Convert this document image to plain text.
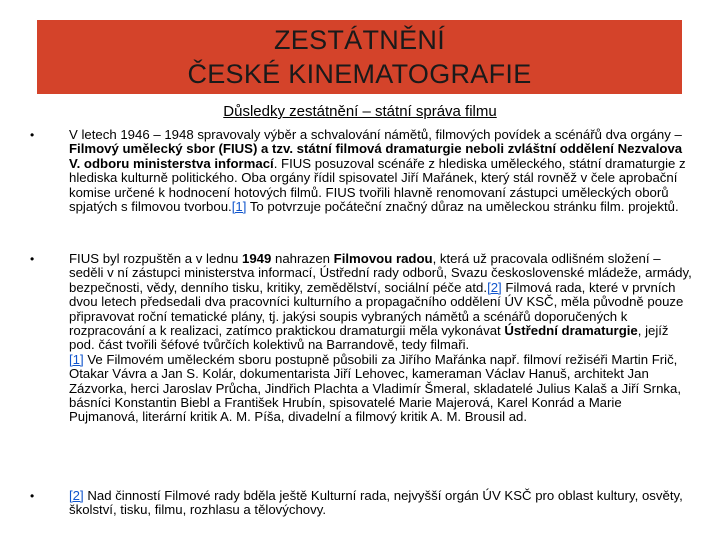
ZESTÁTNĚNÍ
ČESKÉ KINEMATOGRAFIE
Důsledky zestátnění – státní správa filmu
•	V letech 1946 – 1948 spravovaly výběr a schvalování námětů, filmových povídek a scénářů dva orgány – Filmový umělecký sbor (FIUS) a tzv. státní filmová dramaturgie neboli zvláštní oddělení Nezvalova V. odboru ministerstva informací. FIUS posuzoval scénáře z hlediska uměleckého, státní dramaturgie z hlediska kulturně politického. Oba orgány řídil spisovatel Jiří Mařánek, který stál rovněž v čele aprobační komise určené k hodnocení hotových filmů. FIUS tvořili hlavně renomovaní zástupci uměleckých oborů spjatých s filmovou tvorbou.[1] To potvrzuje počáteční značný důraz na uměleckou stránku film. projektů.
•	FIUS byl rozpuštěn a v lednu 1949 nahrazen Filmovou radou, která už pracovala odlišném složení – seděli v ní zástupci ministerstva informací, Ústřední rady odborů, Svazu československé mládeže, armády, bezpečnosti, vědy, denního tisku, kritiky, zemědělství, sociální péče atd.[2] Filmová rada, které v prvních dvou letech předsedali dva pracovníci kulturního a propagačního oddělení ÚV KSČ, měla původně pouze připravovat roční tematické plány, tj. jakýsi soupis vybraných námětů a scénářů doporučených k rozpracování a k realizaci, zatímco praktickou dramaturgii měla vykonávat Ústřední dramaturgie, jejíž pod. část tvořili šéfové tvůrčích kolektivů na Barrandově, tedy filmaři.
[1] Ve Filmovém uměleckém sboru postupně působili za Jiřího Mařánka např. filmoví režiséři Martin Frič, Otakar Vávra a Jan S. Kolár, dokumentarista Jiří Lehovec, kameraman Václav Hanuš, architekt Jan Zázvorka, herci Jaroslav Průcha, Jindřich Plachta a Vladimír Šmeral, skladatelé Julius Kalaš a Jiří Srnka, básníci Konstantin Biebl a František Hrubín, spisovatelé Marie Majerová, Karel Konrád a Marie Pujmanová, literární kritik A. M. Píša, divadelní a filmový kritik A. M. Brousil ad.
•	[2] Nad činností Filmové rady bděla ještě Kulturní rada, nejvyšší orgán ÚV KSČ pro oblast kultury, osvěty, školství, tisku, filmu, rozhlasu a tělovýchovy.
